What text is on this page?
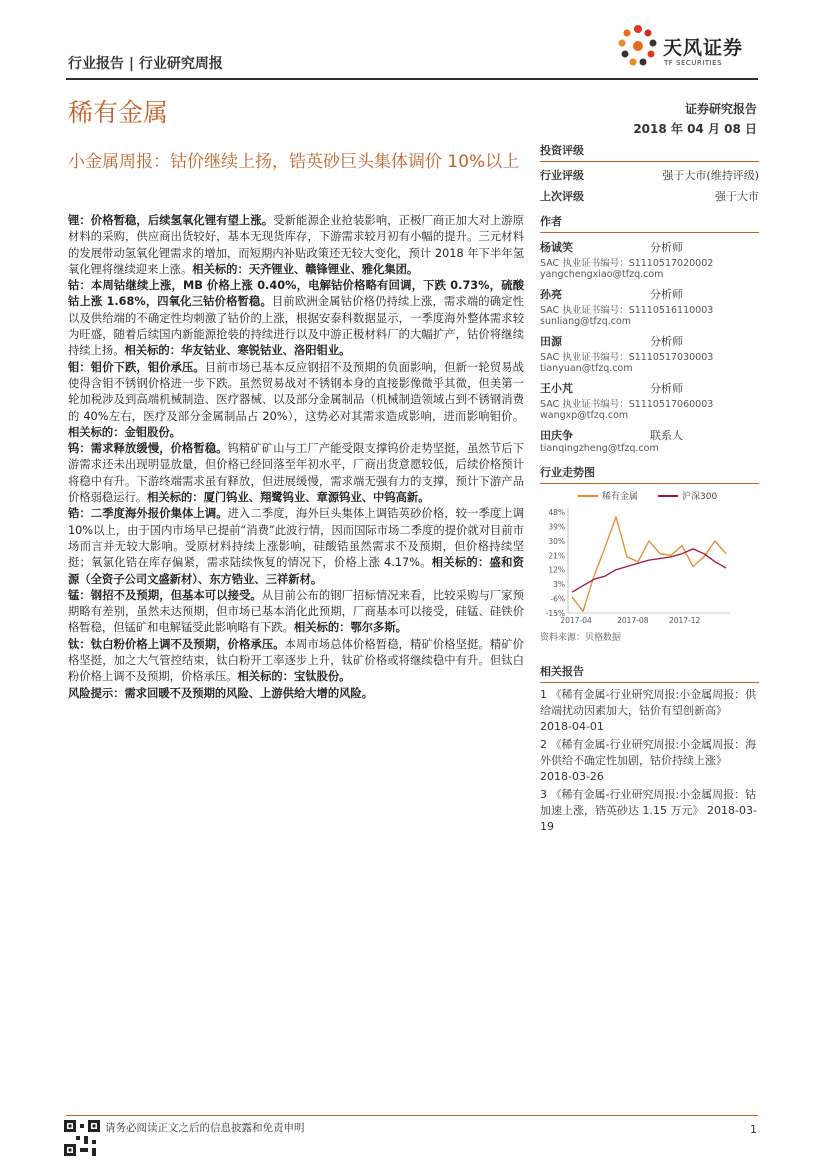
行业报告 | 行业研究周报
天风证券
TF SECURITIES
稀有金属	证券研究报告
2018 年 04 月 08 日
小金属周报：钴价继续上扬，锆英砂巨头集体调价 10%以上

锂：价格暂稳，后续氢氧化锂有望上涨。受新能源企业抢装影响，正极厂商正加大对上游原材料的采购，供应商出货较好，基本无现货库存，下游需求较月初有小幅的提升。三元材料的发展带动氢氧化锂需求的增加，而短期内补贴政策还无较大变化，预计 2018 年下半年氢氧化锂将继续迎来上涨。相关标的：天齐锂业、赣锋锂业、雅化集团。

钴：本周钴继续上涨，MB 价格上涨 0.40%，电解钴价格略有回调，下跌 0.73%，硫酸钴上涨 1.68%，四氧化三钴价格暂稳。目前欧洲金属钴价格仍持续上涨，需求端的确定性以及供给端的不确定性均刺激了钴价的上涨，根据安泰科数据显示，一季度海外整体需求较为旺盛，随着后续国内新能源抢装的持续进行以及中游正极材料厂的大幅扩产，钴价将继续持续上扬。相关标的：华友钴业、寒锐钴业、洛阳钼业。

钼：钼价下跌，钼价承压。目前市场已基本反应钢招不及预期的负面影响，但新一轮贸易战使得含钼不锈钢价格进一步下跌。虽然贸易战对不锈钢本身的直接影像微乎其微，但美第一轮加税涉及到高端机械制造、医疗器械、以及部分金属制品（机械制造领域占到不锈钢消费的 40%左右，医疗及部分金属制品占 20%），这势必对其需求造成影响，进而影响钼价。相关标的：金钼股份。

钨：需求释放缓慢，价格暂稳。钨精矿矿山与工厂产能受限支撑钨价走势坚挺，虽然节后下游需求还未出现明显放量，但价格已经回落至年初水平，厂商出货意愿较低，后续价格预计将稳中有升。下游终端需求虽有释放，但进展缓慢，需求端无强有力的支撑，预计下游产品价格弱稳运行。相关标的：厦门钨业、翔鹭钨业、章源钨业、中钨高新。

锆：二季度海外报价集体上调。进入二季度，海外巨头集体上调锆英砂价格，较一季度上调 10%以上，由于国内市场早已提前“消费”此波行情，因而国际市场二季度的提价就对目前市场而言并无较大影响。受原材料持续上涨影响，硅酸锆虽然需求不及预期，但价格持续坚挺；氧氯化锆在库存偏紧，需求陆续恢复的情况下，价格上涨 4.17%。相关标的：盛和资源（全资子公司文盛新材）、东方锆业、三祥新材。

锰：钢招不及预期，但基本可以接受。从目前公布的钢厂招标情况来看，比较采购与厂家预期略有差别，虽然未达预期，但市场已基本消化此预期，厂商基本可以接受，硅锰、硅铁价格暂稳，但锰矿和电解锰受此影响略有下跌。相关标的：鄂尔多斯。

钛：钛白粉价格上调不及预期，价格承压。本周市场总体价格暂稳，精矿价格坚挺。精矿价格坚挺，加之大气管控结束，钛白粉开工率逐步上升，钛矿价格或将继续稳中有升。但钛白粉价格上调不及预期，价格承压。相关标的：宝钛股份。

风险提示：需求回暖不及预期的风险、上游供给大增的风险。

投资评级
行业评级	强于大市(维持评级)
上次评级	强于大市
作者
杨诚笑	分析师
SAC 执业证书编号：S1110517020002
yangchengxiao@tfzq.com
孙亮	分析师
SAC 执业证书编号：S1110516110003
sunliang@tfzq.com
田源	分析师
SAC 执业证书编号：S1110517030003
tianyuan@tfzq.com
王小芃	分析师
SAC 执业证书编号：S1110517060003
wangxp@tfzq.com
田庆争	联系人
tianqingzheng@tfzq.com
行业走势图
稀有金属	沪深300
-15%
-6%
3%
12%
21%
30%
39%
48%
2017-04	2017-08	2017-12
资料来源：贝格数据
相关报告
1 《稀有金属-行业研究周报:小金属周报：供给端扰动因素加大，钴价有望创新高》 2018-04-01
2 《稀有金属-行业研究周报:小金属周报：海外供给不确定性加剧，钴价持续上涨》 2018-03-26
3 《稀有金属-行业研究周报:小金属周报：钴加速上涨，锆英砂达 1.15 万元》 2018-03-19
请务必阅读正文之后的信息披露和免责申明	1
